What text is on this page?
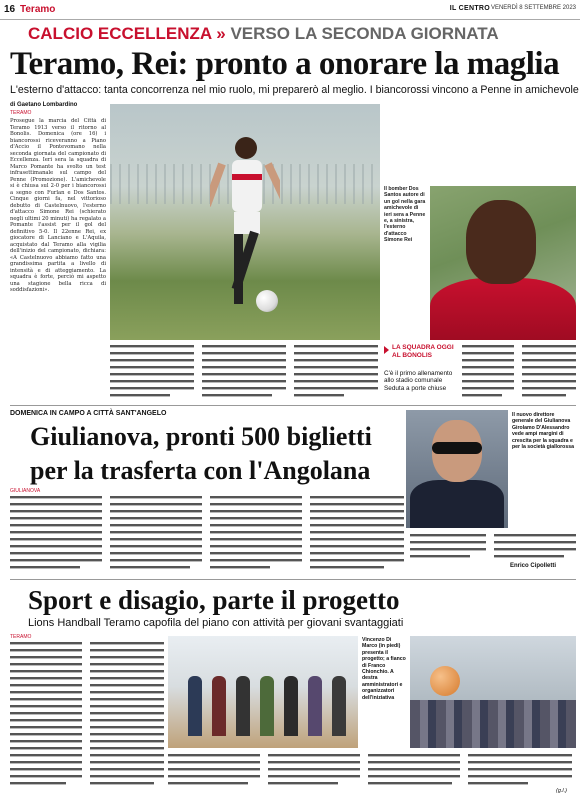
16 Teramo	IL CENTRO VENERDÌ 8 SETTEMBRE 2023
CALCIO ECCELLENZA » VERSO LA SECONDA GIORNATA
Teramo, Rei: pronto a onorare la maglia
L'esterno d'attacco: tanta concorrenza nel mio ruolo, mi preparerò al meglio. I biancorossi vincono a Penne in amichevole
di Gaetano Lombardino
TERAMO
Prosegue la marcia del Città di Teramo 1913 verso il ritorno al Bonolis. Domenica (ore 16) i biancorossi riceveranno a Piano d'Accio il Pontevomano nella seconda giornata del campionato di Eccellenza. Ieri sera la squadra di Marco Pomante ha svolto un test infrasettimanale sul campo del Penne (Promozione). L'amichevole si è chiusa sul 2-0 per i biancorossi a segno con Furlan e Dos Santos. Cinque giorni fa, nel vittorioso debutto di Castelnuovo, l'esterno d'attacco Simone Rei (schierato negli ultimi 20 minuti) ha regalato a Pomante l'assist per il gol del definitivo 5-0. Il 22enne Rei, ex giocatore di Lanciano e L'Aquila, acquistato dal Teramo alla vigilia dell'inizio del campionato, dichiara: «A Castelnuovo abbiamo fatto una grandissima partita a livello di intensità e di atteggiamento. La squadra è forte, perciò mi aspetto una stagione bella ricca di soddisfazioni».
Il bomber Dos Santos autore di un gol nella gara amichevole di ieri sera a Penne e, a sinistra, l'esterno d'attacco Simone Rei
LA SQUADRA OGGI AL BONOLIS
C'è il primo allenamento allo stadio comunale Seduta a porte chiuse
DOMENICA IN CAMPO A CITTÀ SANT'ANGELO
Giulianova, pronti 500 biglietti
per la trasferta con l'Angolana
GIULIANOVA
Il nuovo direttore generale del Giulianova Girolamo D'Alessandro vede ampi margini di crescita per la squadra e per la società giallorossa
Enrico Cipolletti
Sport e disagio, parte il progetto
Lions Handball Teramo capofila del piano con attività per giovani svantaggiati
TERAMO	Vincenzo Di Marco (in piedi) presenta il progetto; a fianco di Franco Chionchio. A destra amministratori e organizzatori dell'iniziativa
(g.l.)
